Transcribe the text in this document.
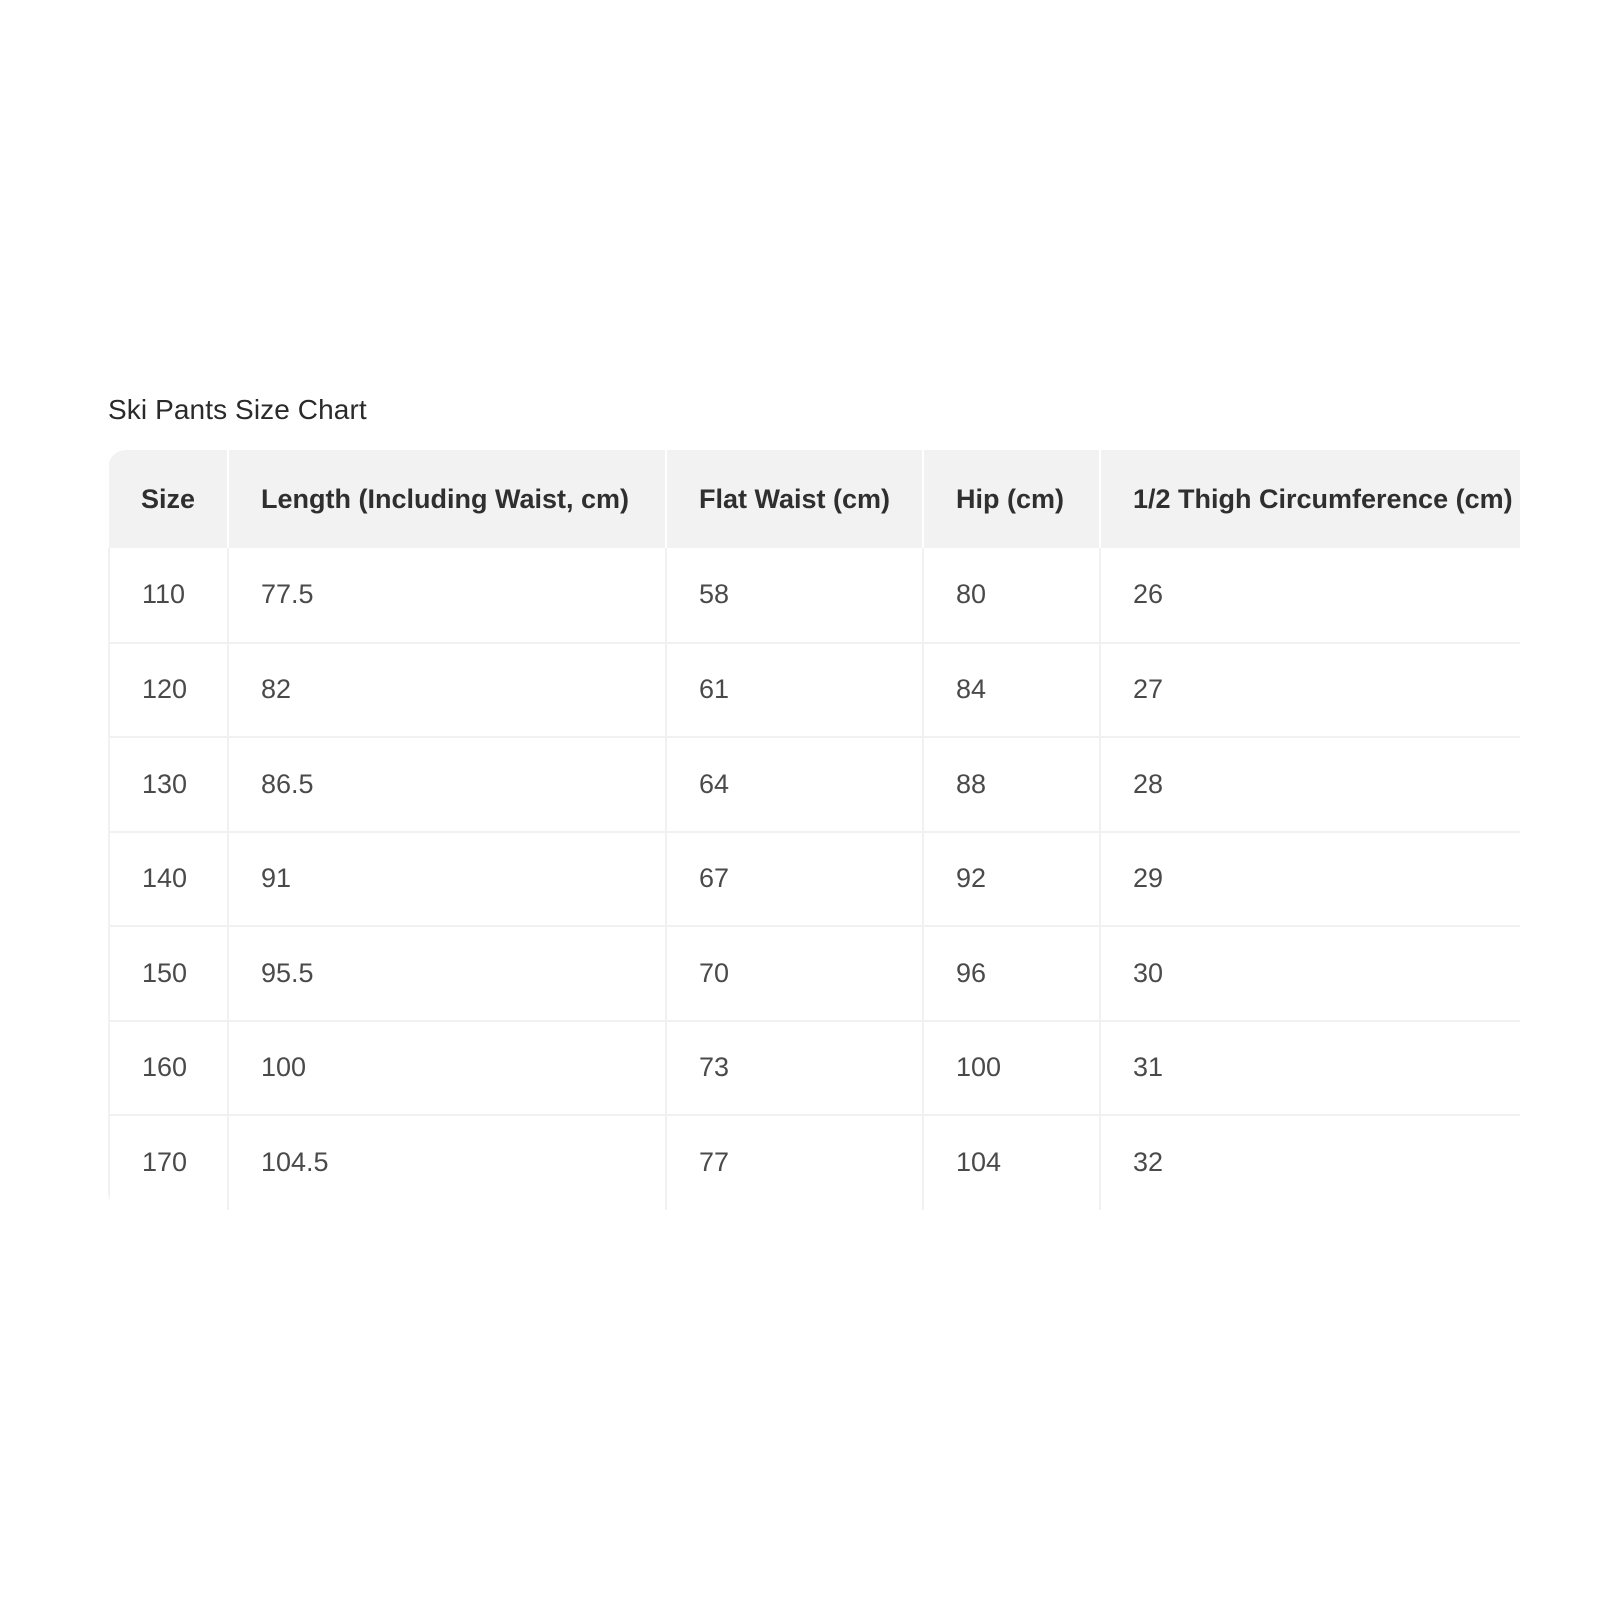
Ski Pants Size Chart
Size	Length (Including Waist, cm)	Flat Waist (cm)	Hip (cm)	1/2 Thigh Circumference (cm)
110	77.5	58	80	26
120	82	61	84	27
130	86.5	64	88	28
140	91	67	92	29
150	95.5	70	96	30
160	100	73	100	31
170	104.5	77	104	32
